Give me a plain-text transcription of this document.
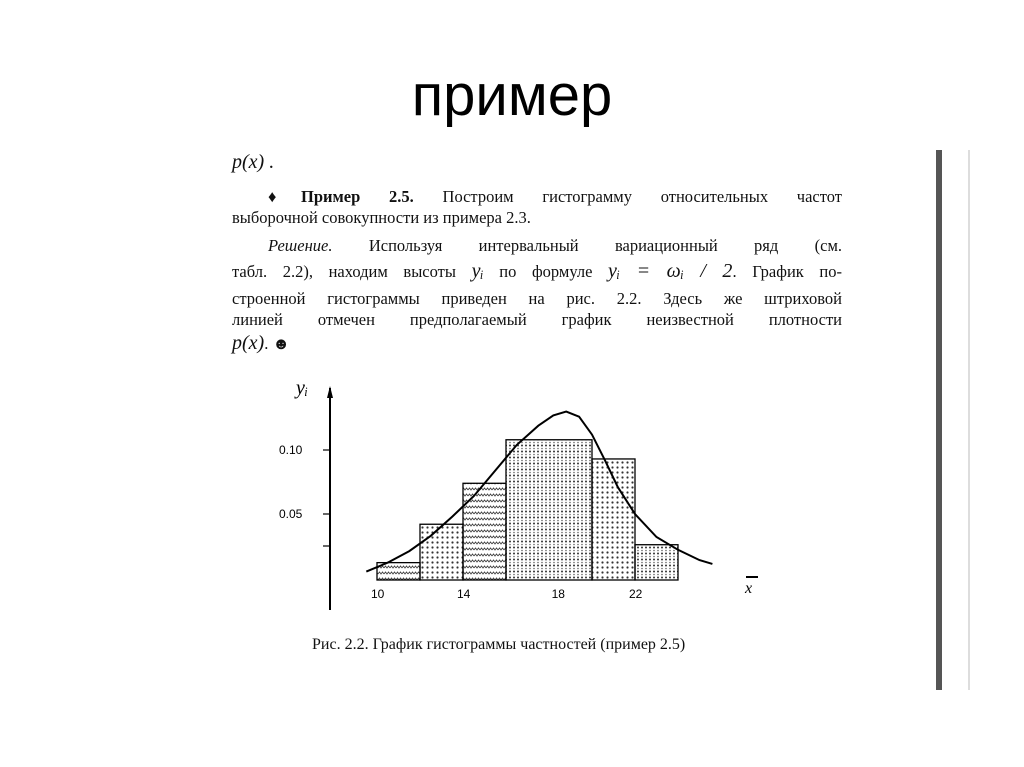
пример
p(x) .
♦Пример 2.5. Построим гистограмму относительных частот
выборочной совокупности из примера 2.3.
Решение. Используя интервальный вариационный ряд (см.
табл. 2.2), находим высоты yᵢ по формуле yᵢ = ωᵢ / 2. График по-
строенной гистограммы приведен на рис. 2.2. Здесь же штриховой
линией отмечен предполагаемый график неизвестной плотности
p(x). ☻
yᵢ
x
10	14	18	22
0.05
0.10
Рис. 2.2. График гистограммы частностей (пример 2.5)
